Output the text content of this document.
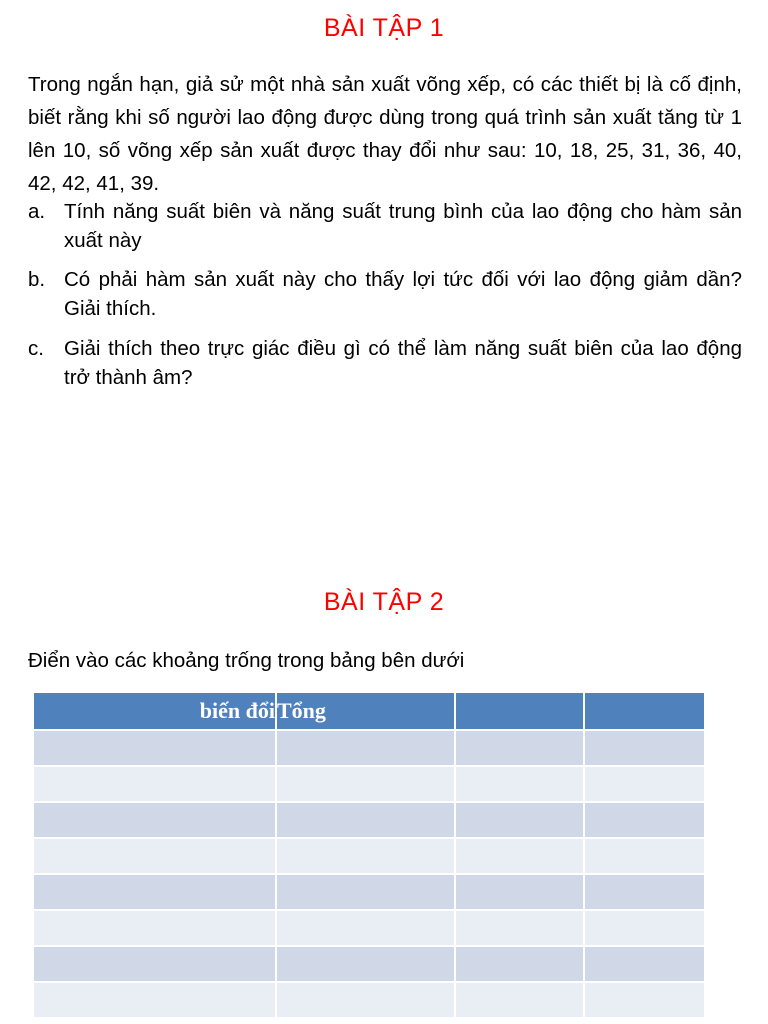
BÀI TẬP 1
Trong ngắn hạn, giả sử một nhà sản xuất võng xếp, có các thiết bị là cố định, biết rằng khi số người lao động được dùng trong quá trình sản xuất tăng từ 1 lên 10, số võng xếp sản xuất được thay đổi như sau: 10, 18, 25, 31, 36, 40, 42, 42, 41, 39.
a. Tính năng suất biên và năng suất trung bình của lao động cho hàm sản xuất này
b. Có phải hàm sản xuất này cho thấy lợi tức đối với lao động giảm dần? Giải thích.
c. Giải thích theo trực giác điều gì có thể làm năng suất biên của lao động trở thành âm?
BÀI TẬP 2
Điển vào các khoảng trống trong bảng bên dưới
biến đổi	Tổng		
